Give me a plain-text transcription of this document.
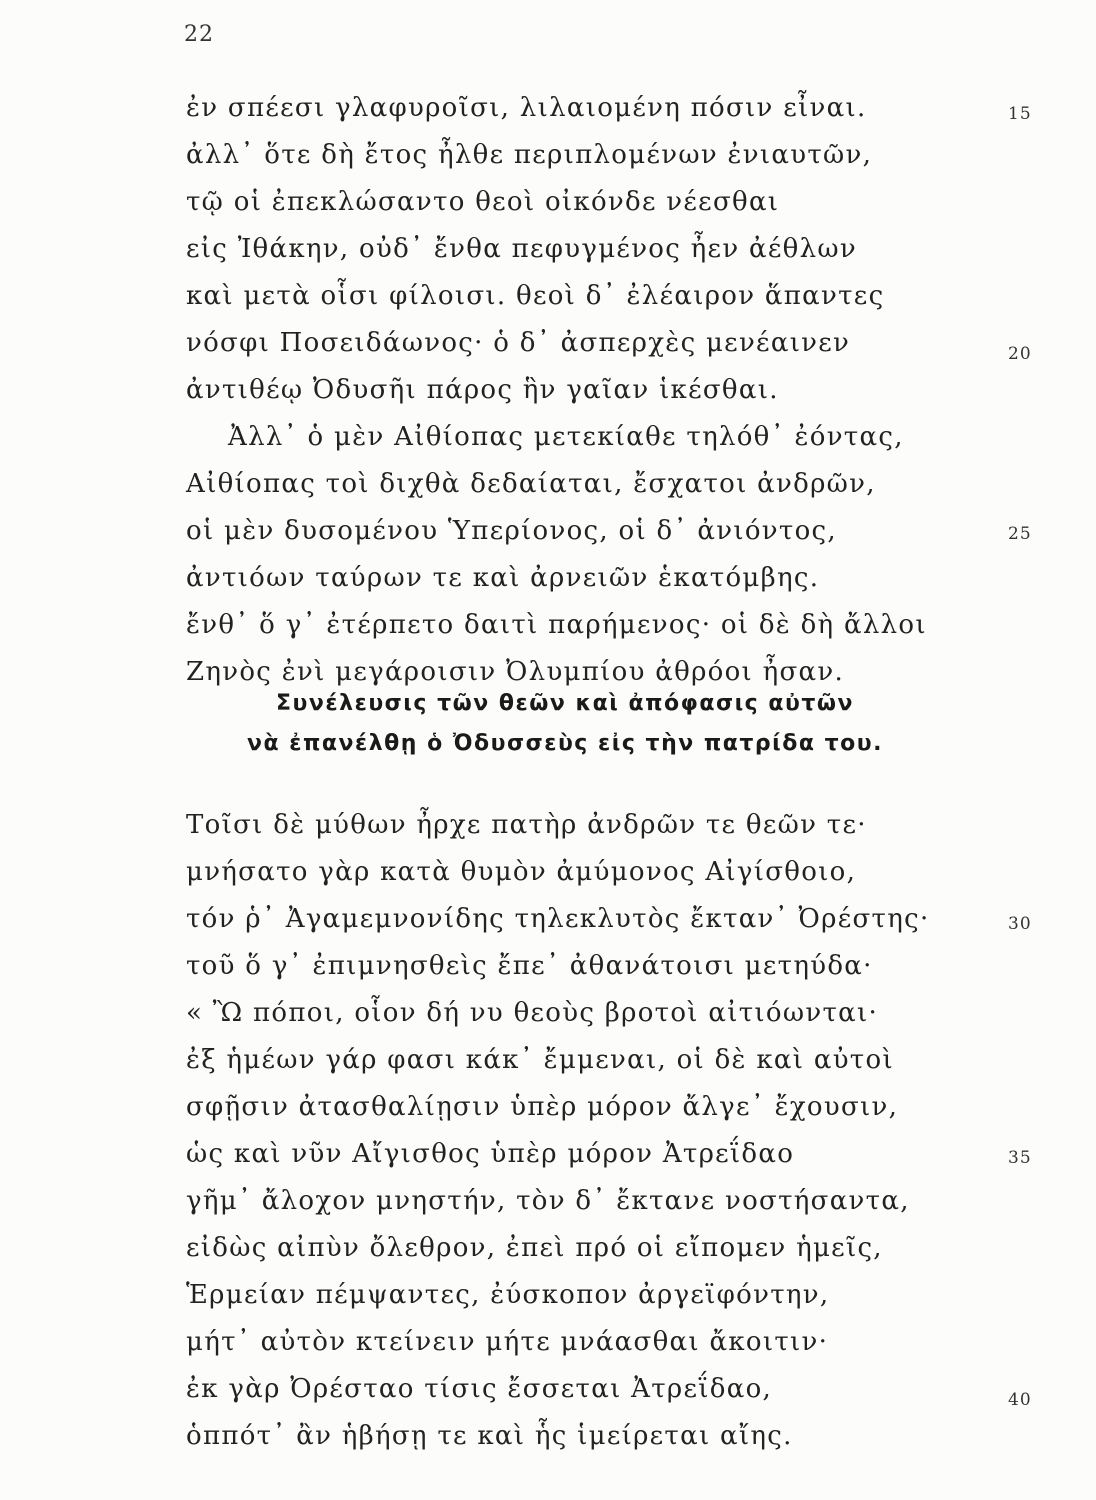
22
ἐν σπέεσι γλαφυροῖσι, λιλαιομένη πόσιν εἶναι.
ἀλλ᾽ ὅτε δὴ ἔτος ἦλθε περιπλομένων ἐνιαυτῶν,
τῷ οἱ ἐπεκλώσαντο θεοὶ οἰκόνδε νέεσθαι
εἰς Ἰθάκην, οὐδ᾽ ἔνθα πεφυγμένος ἦεν ἀέθλων
καὶ μετὰ οἷσι φίλοισι. θεοὶ δ᾽ ἐλέαιρον ἅπαντες
νόσφι Ποσειδάωνος· ὁ δ᾽ ἀσπερχὲς μενέαινεν
ἀντιθέῳ Ὀδυσῆι πάρος ἣν γαῖαν ἱκέσθαι.
Ἀλλ᾽ ὁ μὲν Αἰθίοπας μετεκίαθε τηλόθ᾽ ἐόντας,
Αἰθίοπας τοὶ διχθὰ δεδαίαται, ἔσχατοι ἀνδρῶν,
οἱ μὲν δυσομένου Ὑπερίονος, οἱ δ᾽ ἀνιόντος,
ἀντιόων ταύρων τε καὶ ἀρνειῶν ἑκατόμβης.
ἔνθ᾽ ὅ γ᾽ ἐτέρπετο δαιτὶ παρήμενος· οἱ δὲ δὴ ἄλλοι
Ζηνὸς ἐνὶ μεγάροισιν Ὀλυμπίου ἀθρόοι ἦσαν.
15
20
25
Συνέλευσις τῶν θεῶν καὶ ἀπόφασις αὐτῶν
νὰ ἐπανέλθῃ ὁ Ὀδυσσεὺς εἰς τὴν πατρίδα του.
Τοῖσι δὲ μύθων ἦρχε πατὴρ ἀνδρῶν τε θεῶν τε·
μνήσατο γὰρ κατὰ θυμὸν ἀμύμονος Αἰγίσθοιο,
τόν ῥ᾽ Ἀγαμεμνονίδης τηλεκλυτὸς ἔκταν᾽ Ὀρέστης·
τοῦ ὅ γ᾽ ἐπιμνησθεὶς ἔπε᾽ ἀθανάτοισι μετηύδα·
« Ὢ πόποι, οἷον δή νυ θεοὺς βροτοὶ αἰτιόωνται·
ἐξ ἡμέων γάρ φασι κάκ᾽ ἔμμεναι, οἱ δὲ καὶ αὐτοὶ
σφῇσιν ἀτασθαλίῃσιν ὑπὲρ μόρον ἄλγε᾽ ἔχουσιν,
ὡς καὶ νῦν Αἴγισθος ὑπὲρ μόρον Ἀτρεΐδαο
γῆμ᾽ ἄλοχον μνηστήν, τὸν δ᾽ ἔκτανε νοστήσαντα,
εἰδὼς αἰπὺν ὄλεθρον, ἐπεὶ πρό οἱ εἴπομεν ἡμεῖς,
Ἑρμείαν πέμψαντες, ἐύσκοπον ἀργεϊφόντην,
μήτ᾽ αὐτὸν κτείνειν μήτε μνάασθαι ἄκοιτιν·
ἐκ γὰρ Ὀρέσταο τίσις ἔσσεται Ἀτρεΐδαο,
ὁππότ᾽ ἂν ἡβήσῃ τε καὶ ἧς ἱμείρεται αἴης.
30
35
40
